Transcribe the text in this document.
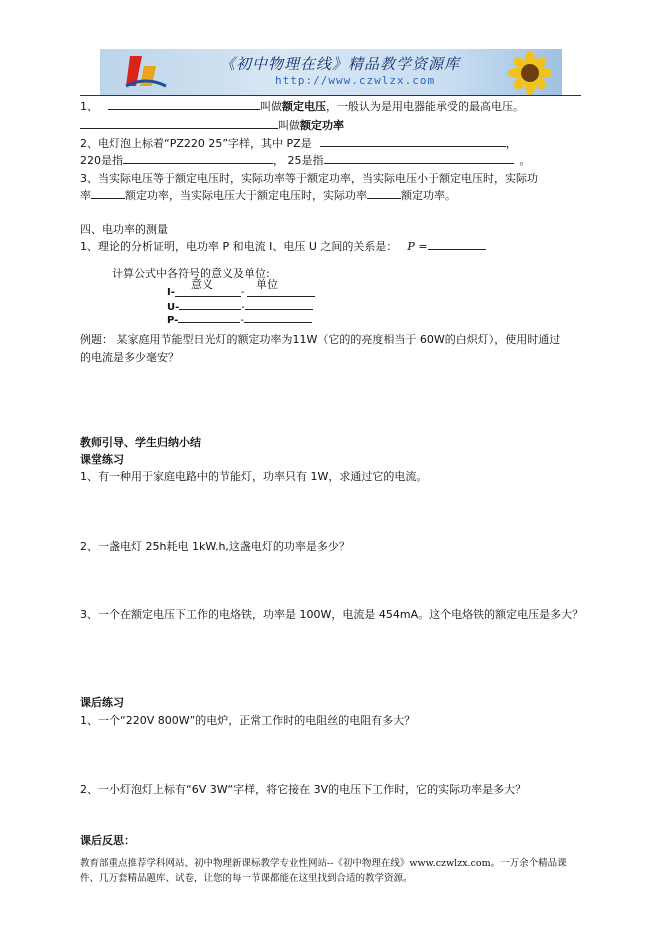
《初中物理在线》精品教学资源库
http://www.czwlzx.com
1、	叫做额定电压，一般认为是用电器能承受的最高电压。
叫做额定功率
2、电灯泡上标着“PZ220 25”字样，其中 PZ是	，
220是指	， 25是指	。
3、当实际电压等于额定电压时，实际功率等于额定功率，当实际电压小于额定电压时，实际功
率	额定功率，当实际电压大于额定电压时，实际功率	额定功率。
四、电功率的测量
1、理论的分析证明，电功率 P 和电流 I、电压 U 之间的关系是： P =
计算公式中各符号的意义及单位:
意义	单位
I-	-
U-	-
P-	-
例题： 某家庭用节能型日光灯的额定功率为11W（它的的亮度相当于 60W的白炽灯），使用时通过
的电流是多少毫安？
教师引导、学生归纳小结
课堂练习
1、有一种用于家庭电路中的节能灯，功率只有 1W，求通过它的电流。
2、一盏电灯 25h耗电 1kW.h,这盏电灯的功率是多少？
3、一个在额定电压下工作的电烙铁，功率是 100W，电流是 454mA。这个电烙铁的额定电压是多大？
课后练习
1、一个“220V 800W”的电炉，正常工作时的电阻丝的电阻有多大？
2、一小灯泡灯上标有“6V 3W“字样，将它接在 3V的电压下工作时，它的实际功率是多大？
课后反思：
教育部重点推荐学科网站、初中物理新课标教学专业性网站--《初中物理在线》www.czwlzx.com。一万余个精品课
件、几万套精品题库、试卷，让您的每一节课都能在这里找到合适的教学资源。
